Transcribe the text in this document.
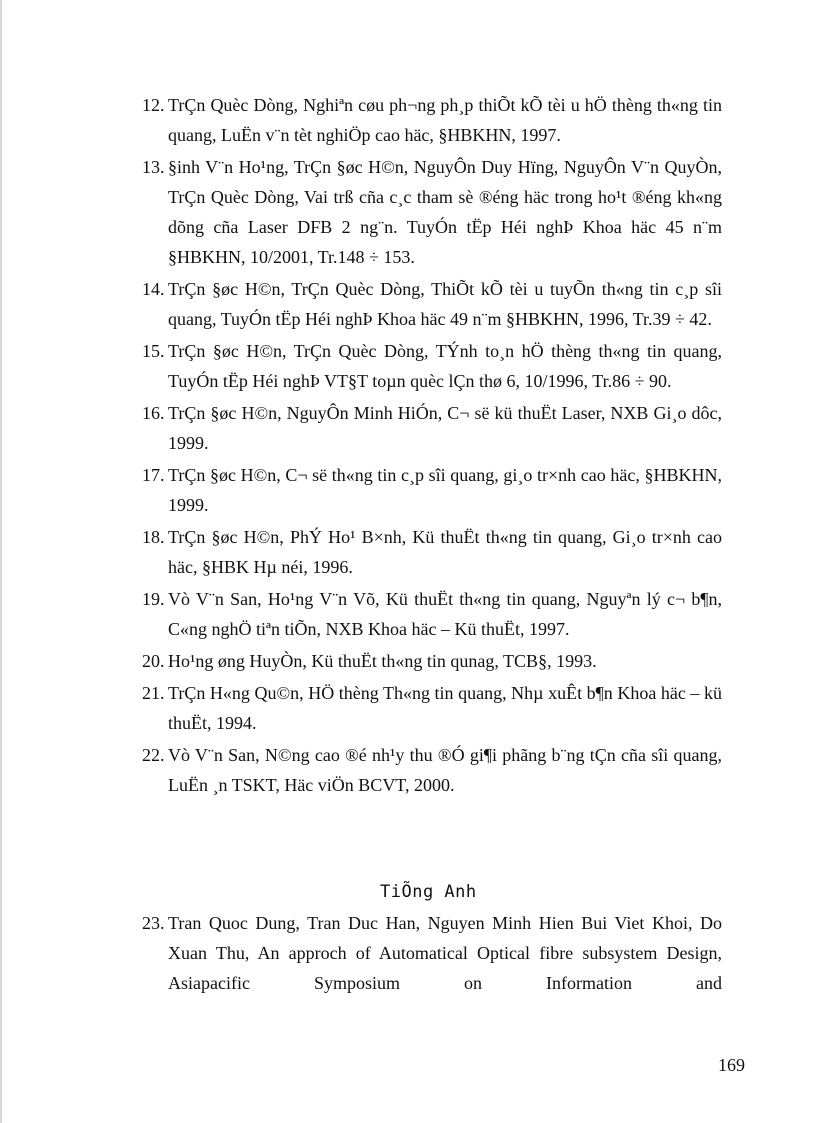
12. TrÇn Quèc Dòng, Nghiªn cøu ph¬ng ph¸p thiÕt kÕ tèi u hÖ thèng th«ng tin quang, LuËn v¨n tèt nghiÖp cao häc, §HBKHN, 1997.
13. §inh V¨n Ho¹ng, TrÇn §øc H©n, NguyÔn Duy Hïng, NguyÔn V¨n QuyÒn, TrÇn Quèc Dòng, Vai trß cña c¸c tham sè ®éng häc trong ho¹t ®éng kh«ng dõng cña Laser DFB 2 ng¨n. TuyÓn tËp Héi nghÞ Khoa häc 45 n¨m §HBKHN, 10/2001, Tr.148 ÷ 153.
14. TrÇn §øc H©n, TrÇn Quèc Dòng, ThiÕt kÕ tèi u tuyÕn th«ng tin c¸p sîi quang, TuyÓn tËp Héi nghÞ Khoa häc 49 n¨m §HBKHN, 1996, Tr.39 ÷ 42.
15. TrÇn §øc H©n, TrÇn Quèc Dòng, TÝnh to¸n hÖ thèng th«ng tin quang, TuyÓn tËp Héi nghÞ VT§T toµn quèc lÇn thø 6, 10/1996, Tr.86 ÷ 90.
16. TrÇn §øc H©n, NguyÔn Minh HiÓn, C¬ së kü thuËt Laser, NXB Gi¸o dôc, 1999.
17. TrÇn §øc H©n, C¬ së th«ng tin c¸p sîi quang, gi¸o tr×nh cao häc, §HBKHN, 1999.
18. TrÇn §øc H©n, PhÝ Ho¹ B×nh, Kü thuËt th«ng tin quang, Gi¸o tr×nh cao häc, §HBK Hµ néi, 1996.
19. Vò V¨n San, Ho¹ng V¨n Võ, Kü thuËt th«ng tin quang, Nguyªn lý c¬ b¶n, C«ng nghÖ tiªn tiÕn, NXB Khoa häc – Kü thuËt, 1997.
20. Ho¹ng øng HuyÒn, Kü thuËt th«ng tin qunag, TCB§, 1993.
21. TrÇn H«ng Qu©n, HÖ thèng Th«ng tin quang, Nhµ xuÊt b¶n Khoa häc – kü thuËt, 1994.
22. Vò V¨n San, N©ng cao ®é nh¹y thu ®Ó gi¶i phãng b¨ng tÇn cña sîi quang, LuËn ¸n TSKT, Häc viÖn BCVT, 2000.
TiÕng Anh
23. Tran Quoc Dung, Tran Duc Han, Nguyen Minh Hien Bui Viet Khoi, Do Xuan Thu, An approch of Automatical Optical fibre subsystem Design, Asiapacific Symposium on Information and
169
